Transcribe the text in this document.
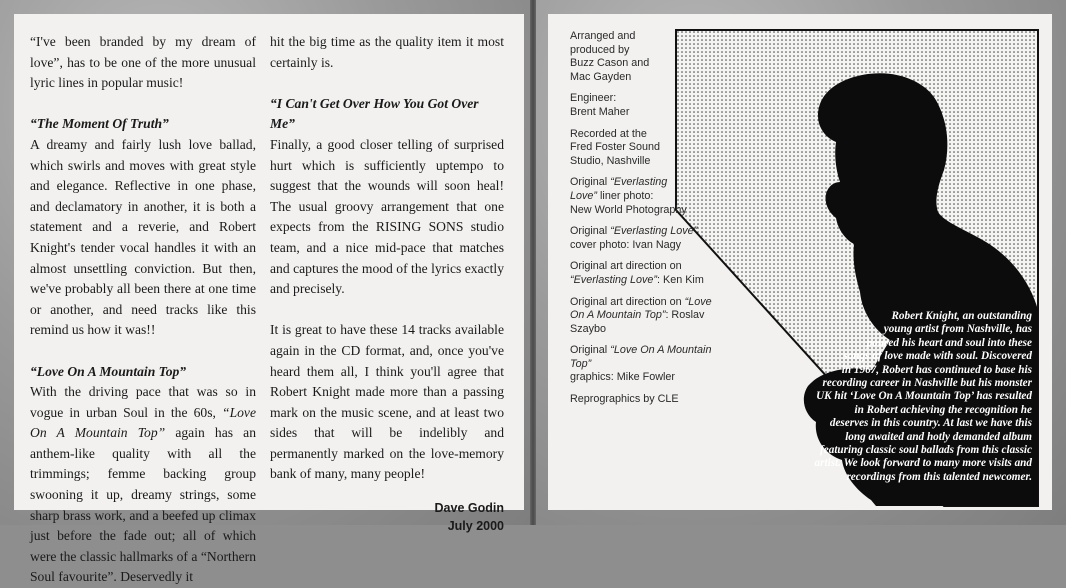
“I've been branded by my dream of love”, has to be one of the more unusual lyric lines in popular music!

“The Moment Of Truth”

A dreamy and fairly lush love ballad, which swirls and moves with great style and elegance. Reflective in one phase, and declamatory in another, it is both a statement and a reverie, and Robert Knight's tender vocal handles it with an almost unsettling conviction. But then, we've probably all been there at one time or another, and need tracks like this remind us how it was!!

“Love On A Mountain Top”

With the driving pace that was so in vogue in urban Soul in the 60s, “Love On A Mountain Top” again has an anthem-like quality with all the trimmings; femme backing group swooning it up, dreamy strings, some sharp brass work, and a beefed up climax just before the fade out; all of which were the classic hallmarks of a “Northern Soul favourite”. Deservedly it

hit the big time as the quality item it most certainly is.

“I Can't Get Over How You Got Over Me”

Finally, a good closer telling of surprised hurt which is sufficiently uptempo to suggest that the wounds will soon heal! The usual groovy arrangement that one expects from the RISING SONS studio team, and a nice mid-pace that matches and captures the mood of the lyrics exactly and precisely.

It is great to have these 14 tracks available again in the CD format, and, once you've heard them all, I think you'll agree that Robert Knight made more than a passing mark on the music scene, and at least two sides that will be indelibly and permanently marked on the love-memory bank of many, many people!

Dave Godin
July 2000
Arranged and
produced by
Buzz Cason and
Mac Gayden
Engineer:
Brent Maher
Recorded at the
Fred Foster Sound
Studio, Nashville
Original “Everlasting
Love” liner photo:
New World Photography
Original “Everlasting Love”
cover photo: Ivan Nagy
Original art direction on
“Everlasting Love”: Ken Kim
Original art direction on “Love
On A Mountain Top”: Roslav Szaybo
Original “Love On A Mountain Top”
graphics: Mike Fowler
Reprographics by CLE
Robert Knight, an outstanding
young artist from Nashville, has
poured his heart and soul into these
songs of love made with soul. Discovered
in 1967, Robert has continued to base his
recording career in Nashville but his monster
UK hit ‘Love On A Mountain Top’ has resulted
in Robert achieving the recognition he
deserves in this country. At last we have this
long awaited and hotly demanded album
featuring classic soul ballads from this classic
artist. We look forward to many more visits and
recordings from this talented newcomer.
